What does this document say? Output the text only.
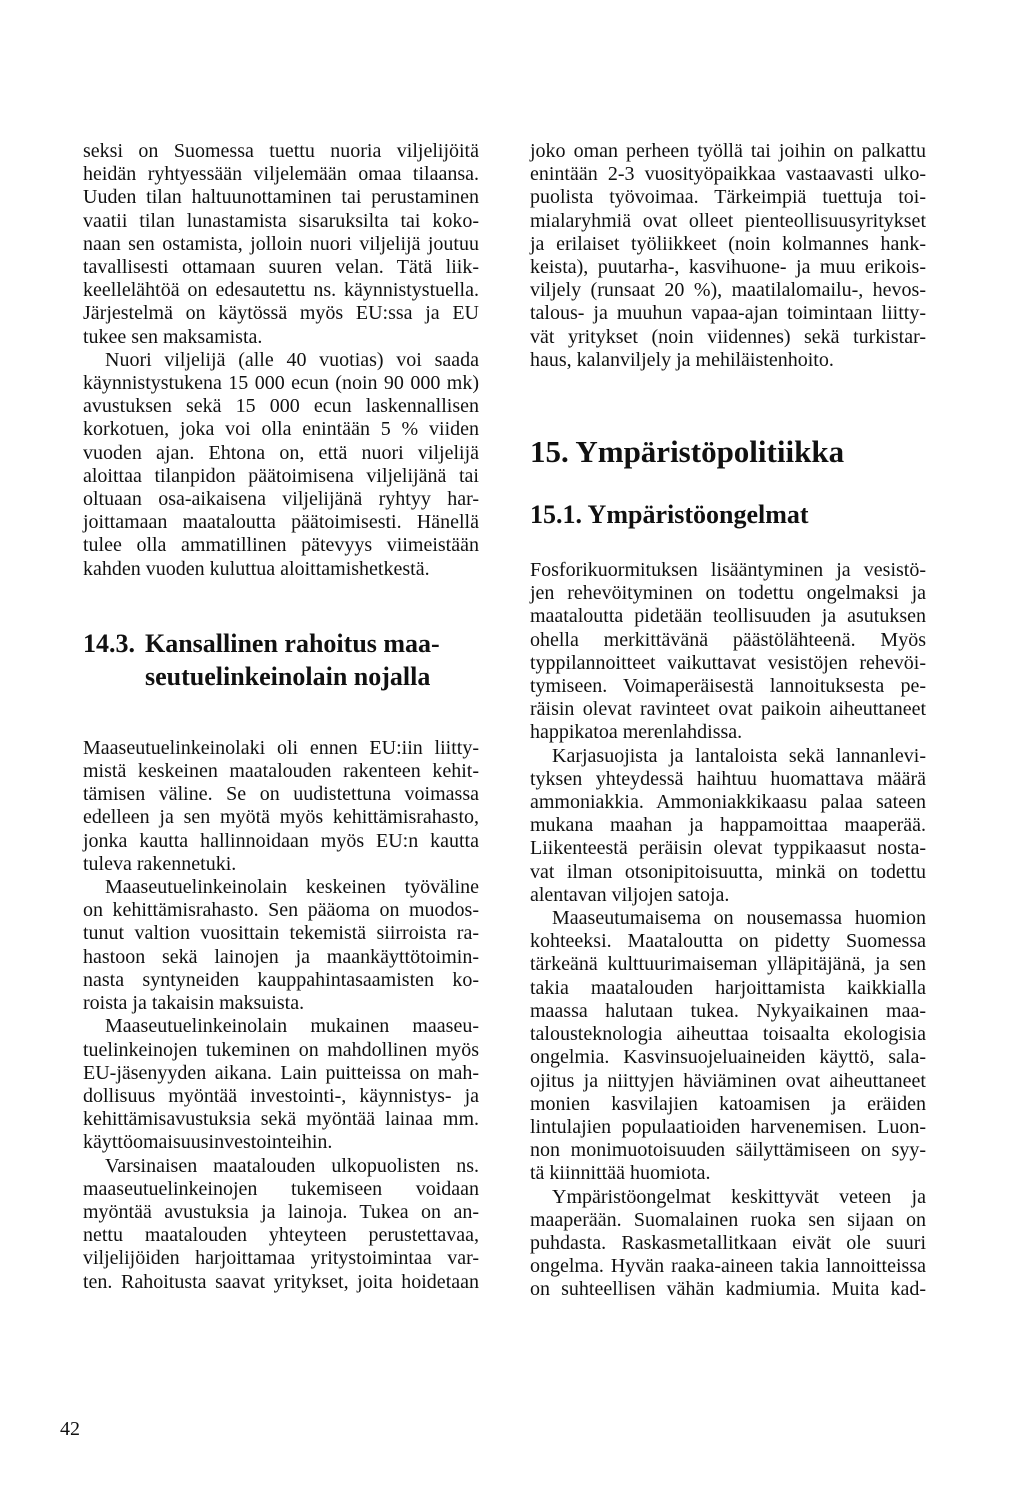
seksi on Suomessa tuettu nuoria viljelijöitä
heidän ryhtyessään viljelemään omaa tilaansa.
Uuden tilan haltuunottaminen tai perustaminen
vaatii tilan lunastamista sisaruksilta tai koko-
naan sen ostamista, jolloin nuori viljelijä joutuu
tavallisesti ottamaan suuren velan. Tätä liik-
keellelähtöä on edesautettu ns. käynnistystuella.
Järjestelmä on käytössä myös EU:ssa ja EU
tukee sen maksamista.
Nuori viljelijä (alle 40 vuotias) voi saada
käynnistystukena 15 000 ecun (noin 90 000 mk)
avustuksen sekä 15 000 ecun laskennallisen
korkotuen, joka voi olla enintään 5 % viiden
vuoden ajan. Ehtona on, että nuori viljelijä
aloittaa tilanpidon päätoimisena viljelijänä tai
oltuaan osa-aikaisena viljelijänä ryhtyy har-
joittamaan maataloutta päätoimisesti. Hänellä
tulee olla ammatillinen pätevyys viimeistään
kahden vuoden kuluttua aloittamishetkestä.
14.3. Kansallinen rahoitus maa-
seutuelinkeinolain nojalla
Maaseutuelinkeinolaki oli ennen EU:iin liitty-
mistä keskeinen maatalouden rakenteen kehit-
tämisen väline. Se on uudistettuna voimassa
edelleen ja sen myötä myös kehittämisrahasto,
jonka kautta hallinnoidaan myös EU:n kautta
tuleva rakennetuki.
Maaseutuelinkeinolain keskeinen työväline
on kehittämisrahasto. Sen pääoma on muodos-
tunut valtion vuosittain tekemistä siirroista ra-
hastoon sekä lainojen ja maankäyttötoimin-
nasta syntyneiden kauppahintasaamisten ko-
roista ja takaisin maksuista.
Maaseutuelinkeinolain mukainen maaseu-
tuelinkeinojen tukeminen on mahdollinen myös
EU-jäsenyyden aikana. Lain puitteissa on mah-
dollisuus myöntää investointi-, käynnistys- ja
kehittämisavustuksia sekä myöntää lainaa mm.
käyttöomaisuusinvestointeihin.
Varsinaisen maatalouden ulkopuolisten ns.
maaseutuelinkeinojen tukemiseen voidaan
myöntää avustuksia ja lainoja. Tukea on an-
nettu maatalouden yhteyteen perustettavaa,
viljelijöiden harjoittamaa yritystoimintaa var-
ten. Rahoitusta saavat yritykset, joita hoidetaan
joko oman perheen työllä tai joihin on palkattu
enintään 2-3 vuosityöpaikkaa vastaavasti ulko-
puolista työvoimaa. Tärkeimpiä tuettuja toi-
mialaryhmiä ovat olleet pienteollisuusyritykset
ja erilaiset työliikkeet (noin kolmannes hank-
keista), puutarha-, kasvihuone- ja muu erikois-
viljely (runsaat 20 %), maatilalomailu-, hevos-
talous- ja muuhun vapaa-ajan toimintaan liitty-
vät yritykset (noin viidennes) sekä turkistar-
haus, kalanviljely ja mehiläistenhoito.
15. Ympäristöpolitiikka
15.1. Ympäristöongelmat
Fosforikuormituksen lisääntyminen ja vesistö-
jen rehevöityminen on todettu ongelmaksi ja
maataloutta pidetään teollisuuden ja asutuksen
ohella merkittävänä päästölähteenä. Myös
typpilannoitteet vaikuttavat vesistöjen rehevöi-
tymiseen. Voimaperäisestä lannoituksesta pe-
räisin olevat ravinteet ovat paikoin aiheuttaneet
happikatoa merenlahdissa.
Karjasuojista ja lantaloista sekä lannanlevi-
tyksen yhteydessä haihtuu huomattava määrä
ammoniakkia. Ammoniakkikaasu palaa sateen
mukana maahan ja happamoittaa maaperää.
Liikenteestä peräisin olevat typpikaasut nosta-
vat ilman otsonipitoisuutta, minkä on todettu
alentavan viljojen satoja.
Maaseutumaisema on nousemassa huomion
kohteeksi. Maataloutta on pidetty Suomessa
tärkeänä kulttuurimaiseman ylläpitäjänä, ja sen
takia maatalouden harjoittamista kaikkialla
maassa halutaan tukea. Nykyaikainen maa-
talousteknologia aiheuttaa toisaalta ekologisia
ongelmia. Kasvinsuojeluaineiden käyttö, sala-
ojitus ja niittyjen häviäminen ovat aiheuttaneet
monien kasvilajien katoamisen ja eräiden
lintulajien populaatioiden harvenemisen. Luon-
non monimuotoisuuden säilyttämiseen on syy-
tä kiinnittää huomiota.
Ympäristöongelmat keskittyvät veteen ja
maaperään. Suomalainen ruoka sen sijaan on
puhdasta. Raskasmetallitkaan eivät ole suuri
ongelma. Hyvän raaka-aineen takia lannoitteissa
on suhteellisen vähän kadmiumia. Muita kad-
42
